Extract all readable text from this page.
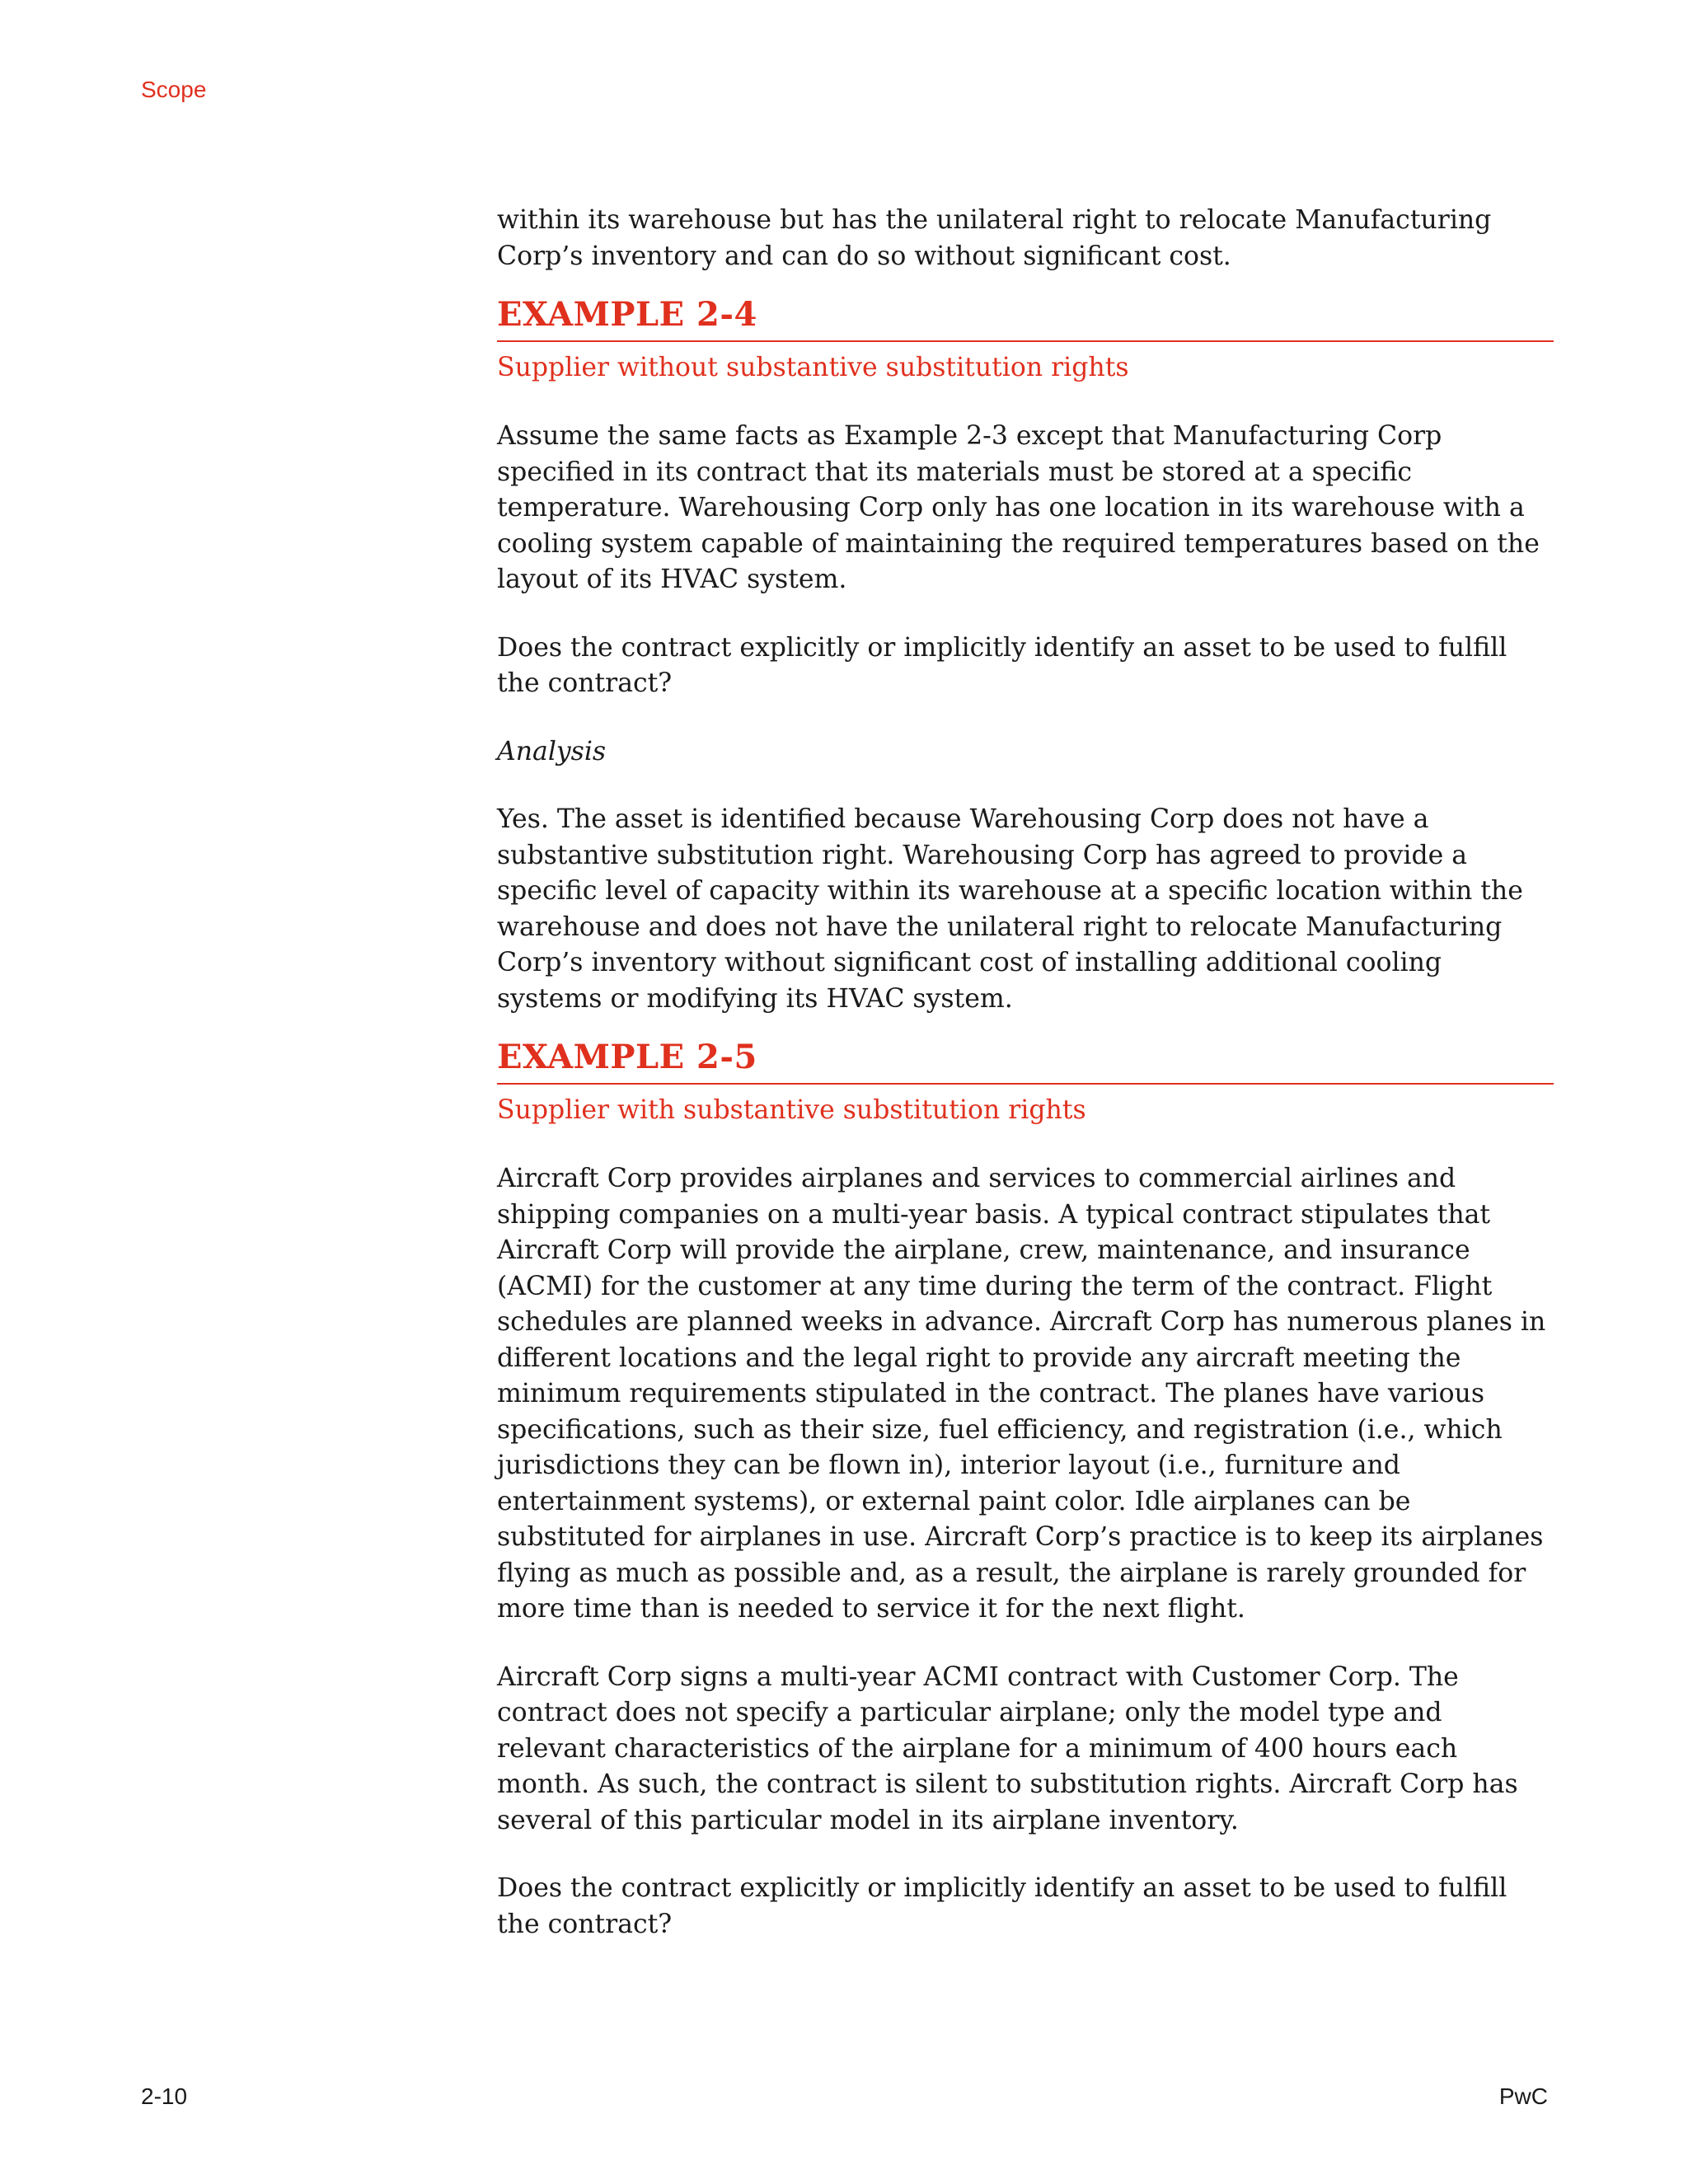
Scope

within its warehouse but has the unilateral right to relocate Manufacturing Corp’s inventory and can do so without significant cost.

EXAMPLE 2-4

Supplier without substantive substitution rights

Assume the same facts as Example 2-3 except that Manufacturing Corp specified in its contract that its materials must be stored at a specific temperature. Warehousing Corp only has one location in its warehouse with a cooling system capable of maintaining the required temperatures based on the layout of its HVAC system.

Does the contract explicitly or implicitly identify an asset to be used to fulfill the contract?

Analysis

Yes. The asset is identified because Warehousing Corp does not have a substantive substitution right. Warehousing Corp has agreed to provide a specific level of capacity within its warehouse at a specific location within the warehouse and does not have the unilateral right to relocate Manufacturing Corp’s inventory without significant cost of installing additional cooling systems or modifying its HVAC system.

EXAMPLE 2-5

Supplier with substantive substitution rights

Aircraft Corp provides airplanes and services to commercial airlines and shipping companies on a multi-year basis. A typical contract stipulates that Aircraft Corp will provide the airplane, crew, maintenance, and insurance (ACMI) for the customer at any time during the term of the contract. Flight schedules are planned weeks in advance. Aircraft Corp has numerous planes in different locations and the legal right to provide any aircraft meeting the minimum requirements stipulated in the contract. The planes have various specifications, such as their size, fuel efficiency, and registration (i.e., which jurisdictions they can be flown in), interior layout (i.e., furniture and entertainment systems), or external paint color. Idle airplanes can be substituted for airplanes in use. Aircraft Corp’s practice is to keep its airplanes flying as much as possible and, as a result, the airplane is rarely grounded for more time than is needed to service it for the next flight.

Aircraft Corp signs a multi-year ACMI contract with Customer Corp. The contract does not specify a particular airplane; only the model type and relevant characteristics of the airplane for a minimum of 400 hours each month. As such, the contract is silent to substitution rights. Aircraft Corp has several of this particular model in its airplane inventory.

Does the contract explicitly or implicitly identify an asset to be used to fulfill the contract?

2-10	PwC
